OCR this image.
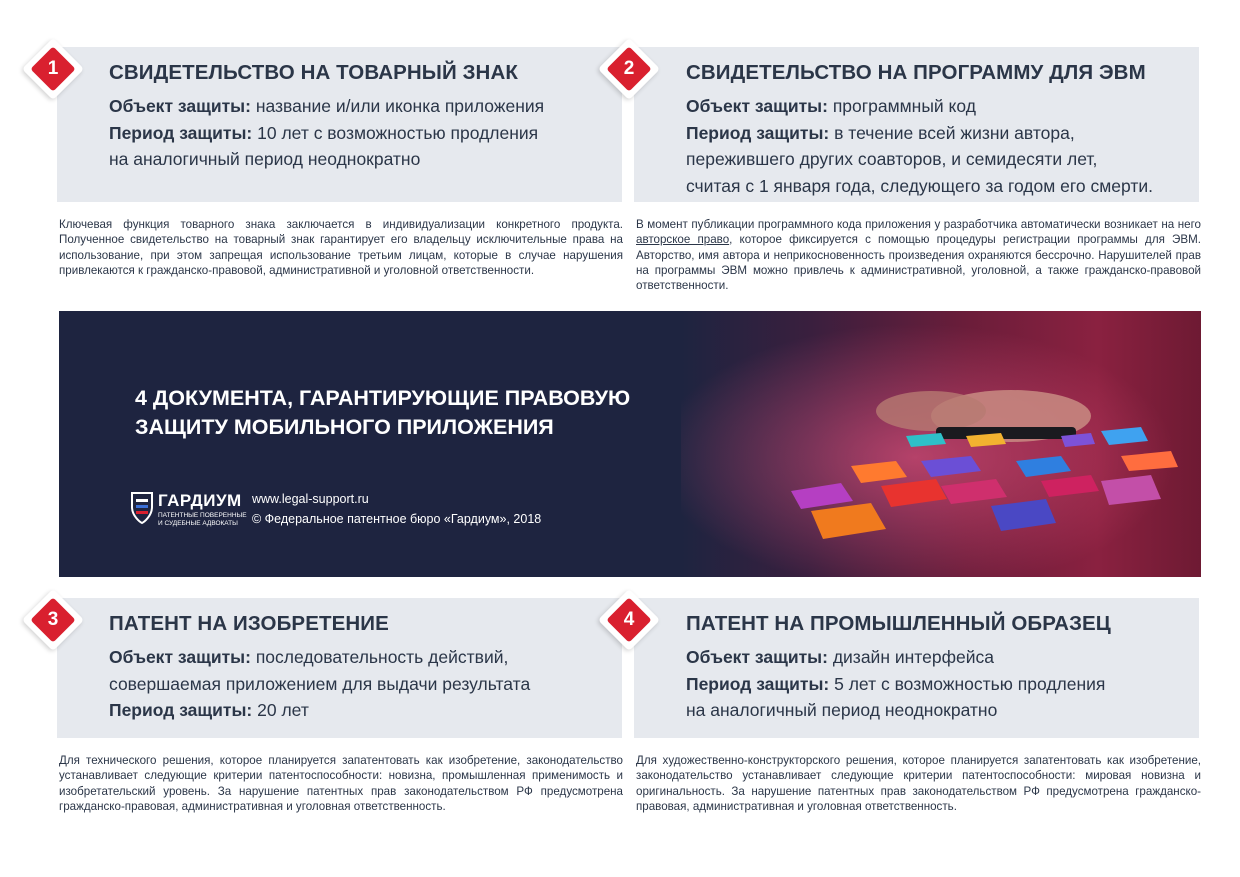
СВИДЕТЕЛЬСТВО НА ТОВАРНЫЙ ЗНАК
Объект защиты: название и/или иконка приложения
Период защиты: 10 лет с возможностью продления
на аналогичный период неоднократно
1	СВИДЕТЕЛЬСТВО НА ПРОГРАММУ ДЛЯ ЭВМ
Объект защиты: программный код
Период защиты: в течение всей жизни автора,
пережившего других соавторов, и семидесяти лет,
считая с 1 января года, следующего за годом его смерти.
2
Ключевая функция товарного знака заключается в индивидуализации конкретного продукта. Полученное свидетельство на товарный знак гарантирует его владельцу исключительные права на использование, при этом запрещая использование третьим лицам, которые в случае нарушения привлекаются к гражданско-правовой, административной и уголовной ответственности.
В момент публикации программного кода приложения у разработчика автоматически возникает на него авторское право, которое фиксируется с помощью процедуры регистрации программы для ЭВМ. Авторство, имя автора и неприкосновенность произведения охраняются бессрочно. Нарушителей прав на программы ЭВМ можно привлечь к административной, уголовной, а также гражданско-правовой ответственности.
4 ДОКУМЕНТА, ГАРАНТИРУЮЩИЕ ПРАВОВУЮ
ЗАЩИТУ МОБИЛЬНОГО ПРИЛОЖЕНИЯ
ГАРДИУМ
ПАТЕНТНЫЕ ПОВЕРЕННЫЕ
И СУДЕБНЫЕ АДВОКАТЫ
www.legal-support.ru
© Федеральное патентное бюро «Гардиум», 2018
ПАТЕНТ НА ИЗОБРЕТЕНИЕ
Объект защиты: последовательность действий,
совершаемая приложением для выдачи результата
Период защиты: 20 лет
3	ПАТЕНТ НА ПРОМЫШЛЕННЫЙ ОБРАЗЕЦ
Объект защиты: дизайн интерфейса
Период защиты: 5 лет с возможностью продления
на аналогичный период неоднократно
4
Для технического решения, которое планируется запатентовать как изобретение, законодательство устанавливает следующие критерии патентоспособности: новизна, промышленная применимость и изобретательский уровень. За нарушение патентных прав законодательством РФ предусмотрена гражданско-правовая, административная и уголовная ответственность.
Для художественно-конструкторского решения, которое планируется запатентовать как изобретение, законодательство устанавливает следующие критерии патентоспособности: мировая новизна и оригинальность. За нарушение патентных прав законодательством РФ предусмотрена гражданско-правовая, административная и уголовная ответственность.
